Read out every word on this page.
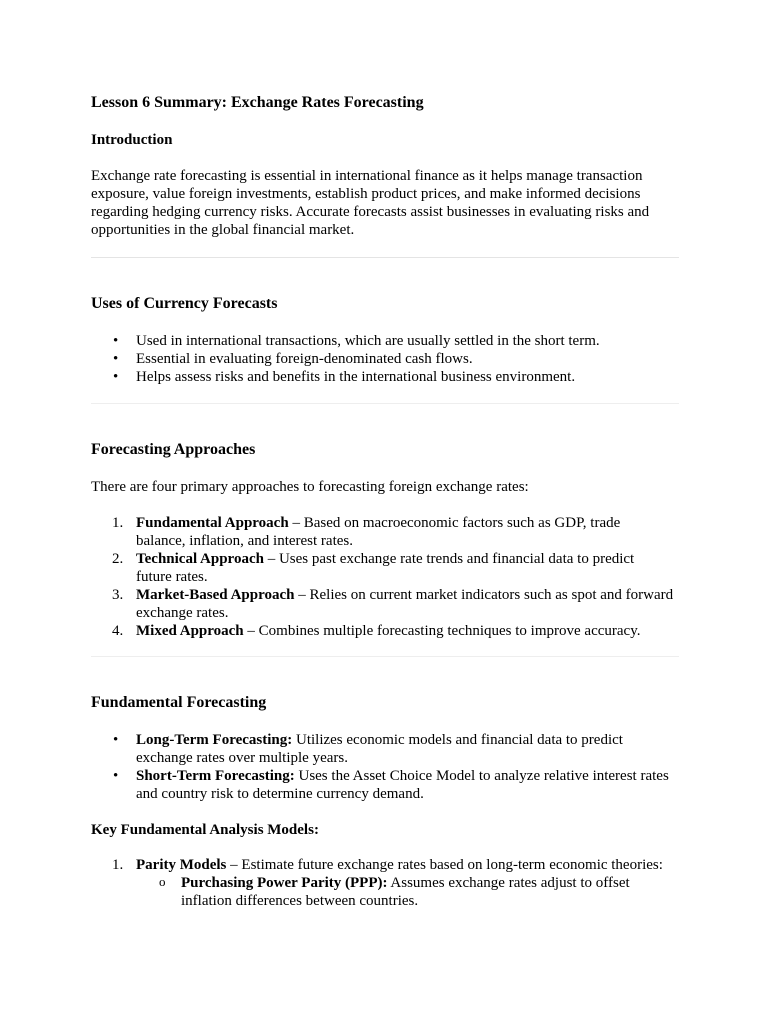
Lesson 6 Summary: Exchange Rates Forecasting
Introduction

Exchange rate forecasting is essential in international finance as it helps manage transaction
exposure, value foreign investments, establish product prices, and make informed decisions
regarding hedging currency risks. Accurate forecasts assist businesses in evaluating risks and
opportunities in the global financial market.

Uses of Currency Forecasts
• Used in international transactions, which are usually settled in the short term.
• Essential in evaluating foreign-denominated cash flows.
• Helps assess risks and benefits in the international business environment.
Forecasting Approaches

There are four primary approaches to forecasting foreign exchange rates:

1. Fundamental Approach – Based on macroeconomic factors such as GDP, trade
balance, inflation, and interest rates.
2. Technical Approach – Uses past exchange rate trends and financial data to predict
future rates.
3. Market-Based Approach – Relies on current market indicators such as spot and forward
exchange rates.
4. Mixed Approach – Combines multiple forecasting techniques to improve accuracy.
Fundamental Forecasting
• Long-Term Forecasting: Utilizes economic models and financial data to predict
exchange rates over multiple years.
• Short-Term Forecasting: Uses the Asset Choice Model to analyze relative interest rates
and country risk to determine currency demand.

Key Fundamental Analysis Models:

1. Parity Models – Estimate future exchange rates based on long-term economic theories:
o Purchasing Power Parity (PPP): Assumes exchange rates adjust to offset
inflation differences between countries.
